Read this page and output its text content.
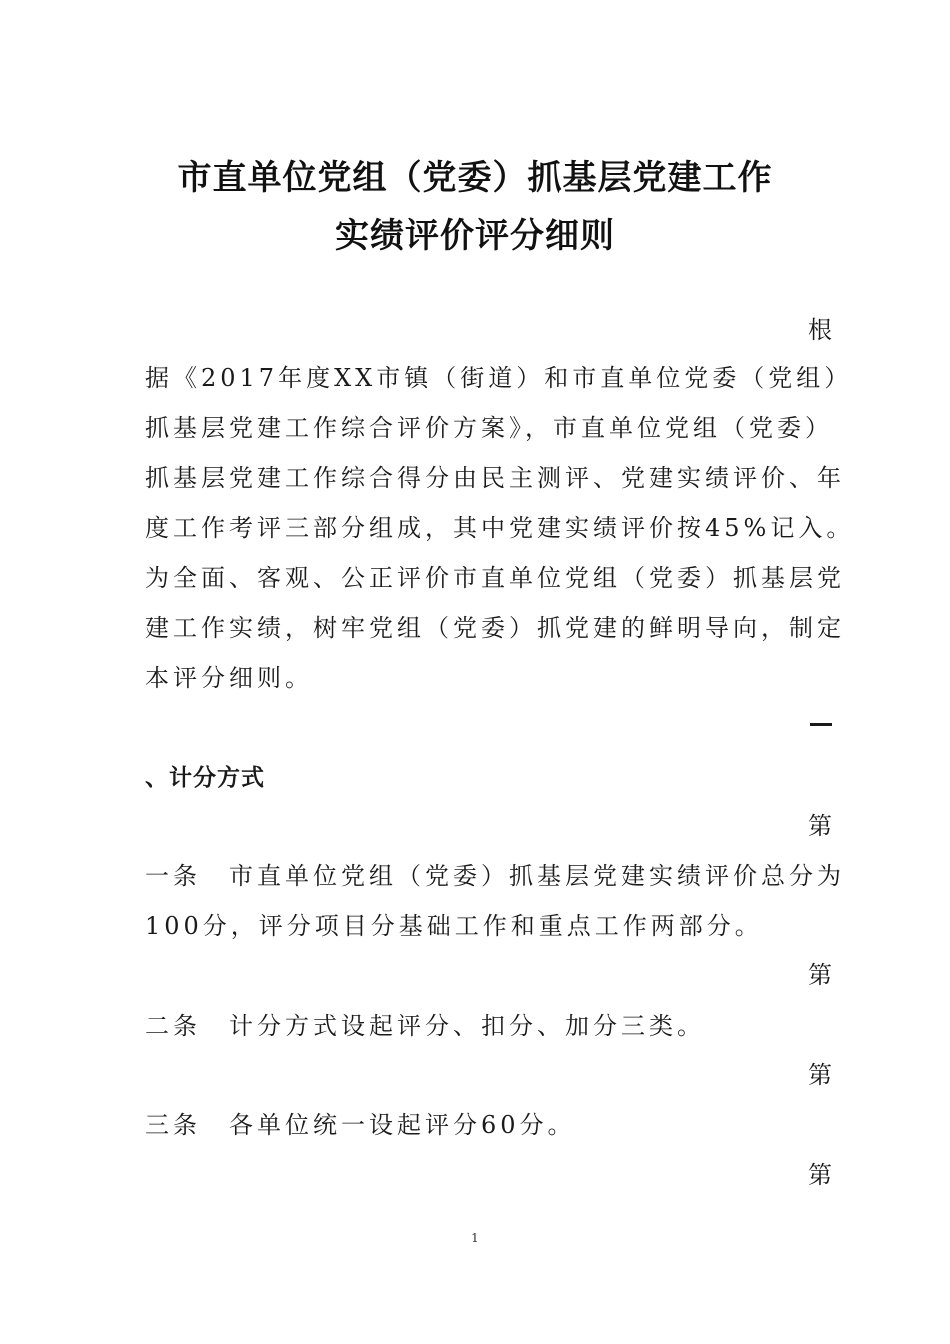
市直单位党组（党委）抓基层党建工作
实绩评价评分细则
根
据《2017年度XX市镇（街道）和市直单位党委（党组）
抓基层党建工作综合评价方案》，市直单位党组（党委）
抓基层党建工作综合得分由民主测评、党建实绩评价、年
度工作考评三部分组成，其中党建实绩评价按45%记入。
为全面、客观、公正评价市直单位党组（党委）抓基层党
建工作实绩，树牢党组（党委）抓党建的鲜明导向，制定
本评分细则。
、计分方式
第
一条　市直单位党组（党委）抓基层党建实绩评价总分为
100分，评分项目分基础工作和重点工作两部分。
第
二条　计分方式设起评分、扣分、加分三类。
第
三条　各单位统一设起评分60分。
第
1
